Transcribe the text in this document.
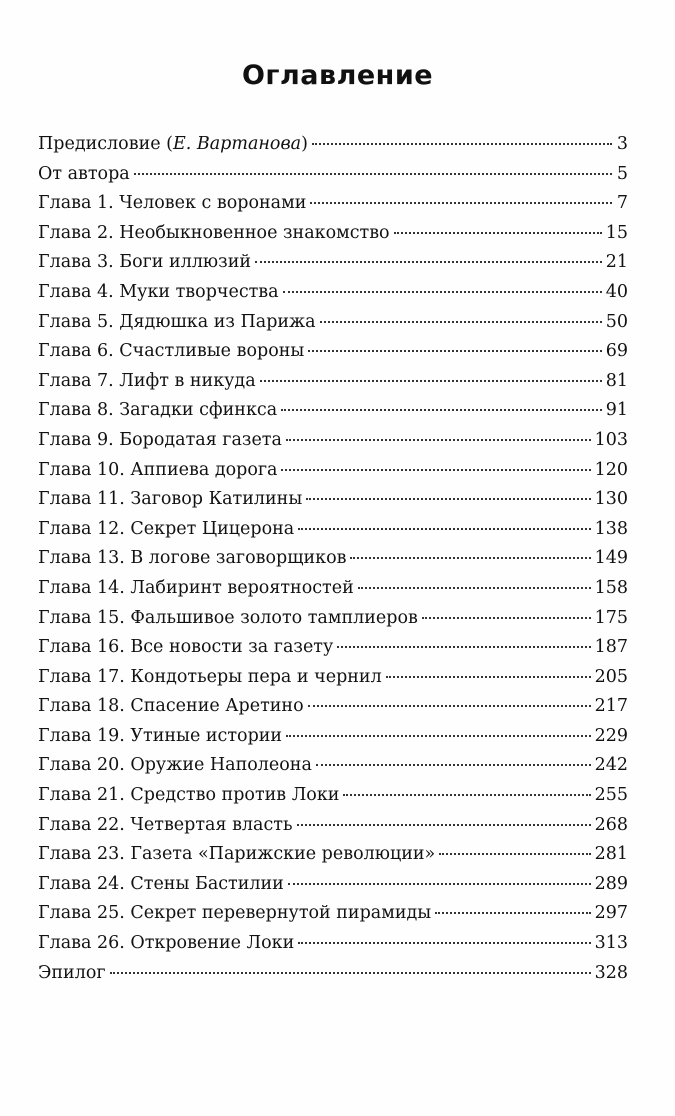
Оглавление
Предисловие (Е. Вартанова)	3
От автора	5
Глава 1. Человек с воронами	7
Глава 2. Необыкновенное знакомство	15
Глава 3. Боги иллюзий	21
Глава 4. Муки творчества	40
Глава 5. Дядюшка из Парижа	50
Глава 6. Счастливые вороны	69
Глава 7. Лифт в никуда	81
Глава 8. Загадки сфинкса	91
Глава 9. Бородатая газета	103
Глава 10. Аппиева дорога	120
Глава 11. Заговор Катилины	130
Глава 12. Секрет Цицерона	138
Глава 13. В логове заговорщиков	149
Глава 14. Лабиринт вероятностей	158
Глава 15. Фальшивое золото тамплиеров	175
Глава 16. Все новости за газету	187
Глава 17. Кондотьеры пера и чернил	205
Глава 18. Спасение Аретино	217
Глава 19. Утиные истории	229
Глава 20. Оружие Наполеона	242
Глава 21. Средство против Локи	255
Глава 22. Четвертая власть	268
Глава 23. Газета «Парижские революции»	281
Глава 24. Стены Бастилии	289
Глава 25. Секрет перевернутой пирамиды	297
Глава 26. Откровение Локи	313
Эпилог	328
